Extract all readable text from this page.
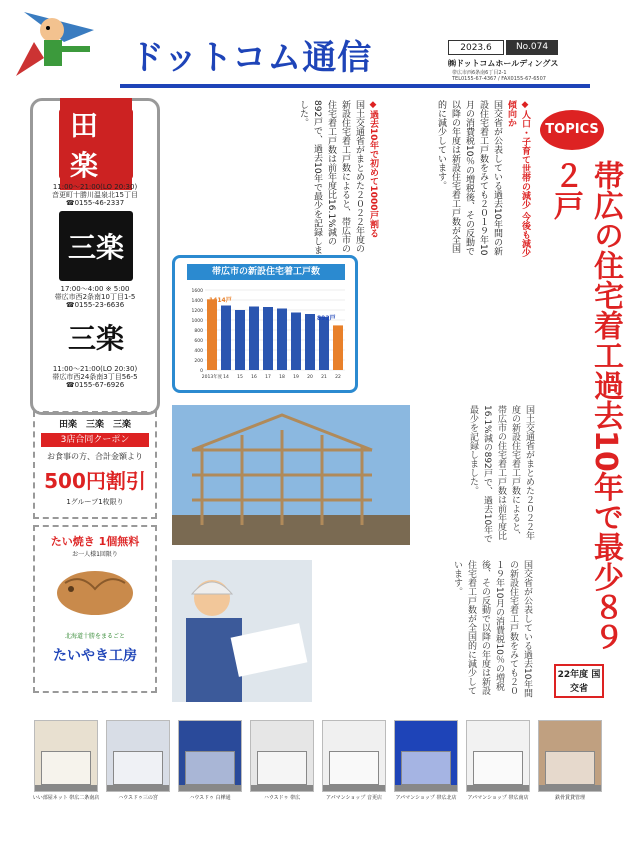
ドットコム通信	2023.6	No.074
㈱ドットコムホールディングス
帯広市西6条南6丁目2-1
TEL0155-67-4367 / FAX0155-67-6507
田楽
11:00～21:00(LO 20:30)
音更町十勝川温泉北15丁目
☎0155-46-2337
三楽
17:00～4:00 ※ 5:00
帯広市西2条南10丁目1-5
☎0155-23-6636
三楽
11:00～21:00(LO 20:30)
帯広市西24条南3丁目56-5
☎0155-67-6926
田楽　三楽　三楽
3店合同クーポン
お食事の方、合計金額より
500円割引
1グループ1枚限り
たい焼き 1個無料
お一人様1回限り
北海道十勝をまるごと
たいやき工房
TOPICS
帯広の住宅着工過去10年で最少８９２戸
22年度 国交省
◆人口・子育て世帯の減少 今後も減少傾向か
国交省が公表している過去10年間の新設住宅着工戸数をみても２０１９年10月の消費税10％の増税後、その反動で以降の年度は新設住宅着工戸数が全国的に減少しています。
◆過去10年で初めて1000戸割る
国土交通省がまとめた２０２２年度の新設住宅着工戸数によると、帯広市の住宅着工戸数は前年度比16.1%減の892戸で、過去10年で最少を記録しました。
帯広市の新設住宅着工戸数
0
200
400
600
800
1000
1200
1400
1600
2013年度 14 15 16 17 18 19 20 21 22
1414戸
892戸
国交省が公表している過去10年間の新設住宅着工戸数をみても２０１９年10月の消費税10％の増税後、その反動で以降の年度は新設住宅着工戸数が全国的に減少しています。
国土交通省がまとめた２０２２年度の新設住宅着工戸数によると、帯広市の住宅着工戸数は前年度比16.1%減の892戸で、過去10年で最少を記録しました。
いい部屋ネット 帯広二条南店	ハウスドゥ三の宮	ハウスドゥ 白樺通	ハウスドゥ 帯広	アパマンショップ 音更店	アパマンショップ 帯広北店	アパマンショップ 帯広南店	鉄骨賃貸管理
